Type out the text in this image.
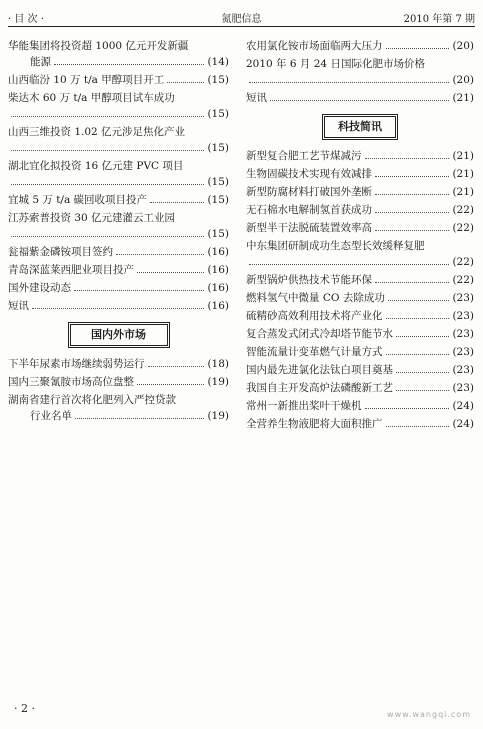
· 目 次 ·	氮肥信息	2010 年第 7 期
华能集团将投资超 1000 亿元开发新疆
能源	(14)
山西临汾 10 万 t/a 甲醇项目开工	(15)
柴达木 60 万 t/a 甲醇项目试车成功
(15)
山西三维投资 1.02 亿元涉足焦化产业
(15)
湖北宜化拟投资 16 亿元建 PVC 项目
(15)
宜城 5 万 t/a 碳回收项目投产	(15)
江苏索普投资 30 亿元建灌云工业园
(15)
瓮福紫金磷铵项目签约	(16)
青岛深蓝莱西肥业项目投产	(16)
国外建设动态	(16)
短讯	(16)
国内外市场
下半年尿素市场继续弱势运行	(18)
国内三聚氰胺市场高位盘整	(19)
湖南省建行首次将化肥列入严控贷款
行业名单	(19)
农用氯化铵市场面临两大压力	(20)
2010 年 6 月 24 日国际化肥市场价格
(20)
短讯	(21)
科技简讯
新型复合肥工艺节煤减污	(21)
生物固碳技术实现有效减排	(21)
新型防腐材料打破国外垄断	(21)
无石棉水电解制氢首获成功	(22)
新型半干法脱硫装置效率高	(22)
中东集团研制成功生态型长效缓释复肥
(22)
新型锅炉供热技术节能环保	(22)
燃料氢气中微量 CO 去除成功	(23)
硫精砂高效利用技术将产业化	(23)
复合蒸发式闭式冷却塔节能节水	(23)
智能流量计变革燃气计量方式	(23)
国内最先进氯化法钛白项目奠基	(23)
我国自主开发高炉法磷酸新工艺	(23)
常州一新推出桨叶干燥机	(24)
全营养生物液肥将大面积推广	(24)
· 2 ·	www.wangqi.com
